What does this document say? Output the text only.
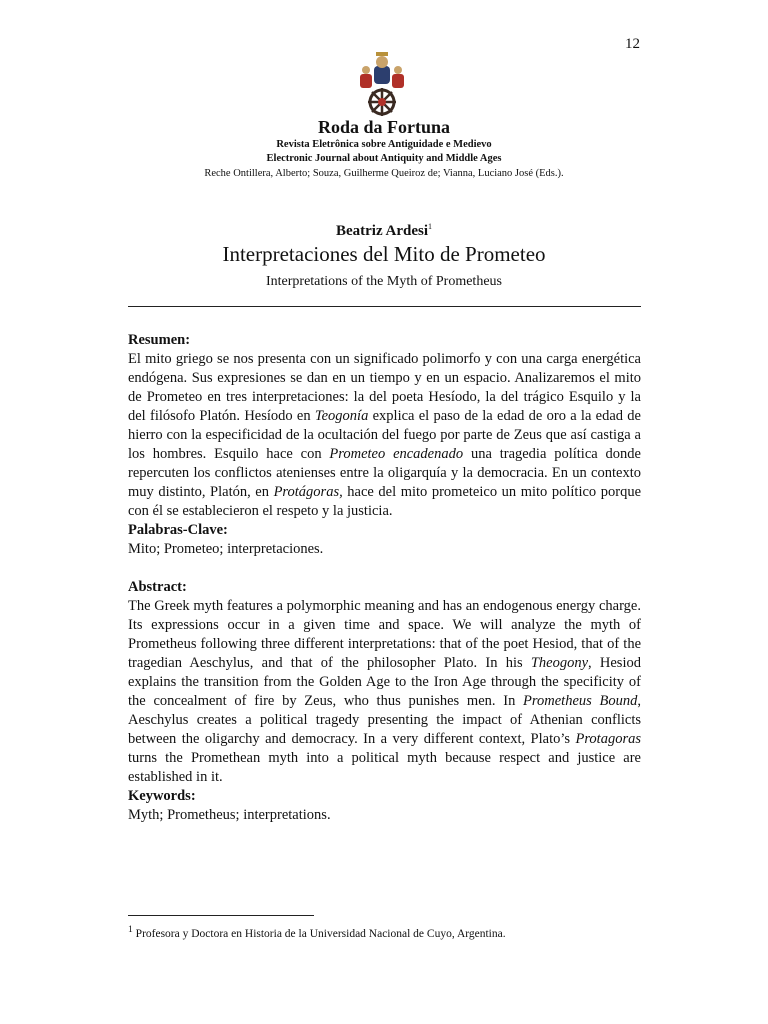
12
Roda da Fortuna
Revista Eletrônica sobre Antiguidade e Medievo
Electronic Journal about Antiquity and Middle Ages
Reche Ontillera, Alberto; Souza, Guilherme Queiroz de; Vianna, Luciano José (Eds.).
Beatriz Ardesi$^1$
Interpretaciones del Mito de Prometeo
Interpretations of the Myth of Prometheus
Resumen:
El mito griego se nos presenta con un significado polimorfo y con una carga energética endógena. Sus expresiones se dan en un tiempo y en un espacio. Analizaremos el mito de Prometeo en tres interpretaciones: la del poeta Hesíodo, la del trágico Esquilo y la del filósofo Platón. Hesíodo en Teogonía explica el paso de la edad de oro a la edad de hierro con la especificidad de la ocultación del fuego por parte de Zeus que así castiga a los hombres. Esquilo hace con Prometeo encadenado una tragedia política donde repercuten los conflictos atenienses entre la oligarquía y la democracia. En un contexto muy distinto, Platón, en Protágoras, hace del mito prometeico un mito político porque con él se establecieron el respeto y la justicia.
Palabras-Clave:
Mito; Prometeo; interpretaciones.
Abstract:
The Greek myth features a polymorphic meaning and has an endogenous energy charge. Its expressions occur in a given time and space. We will analyze the myth of Prometheus following three different interpretations: that of the poet Hesiod, that of the tragedian Aeschylus, and that of the philosopher Plato. In his Theogony, Hesiod explains the transition from the Golden Age to the Iron Age through the specificity of the concealment of fire by Zeus, who thus punishes men. In Prometheus Bound, Aeschylus creates a political tragedy presenting the impact of Athenian conflicts between the oligarchy and democracy. In a very different context, Plato’s Protagoras turns the Promethean myth into a political myth because respect and justice are established in it.
Keywords:
Myth; Prometheus; interpretations.
$^1$ Profesora y Doctora en Historia de la Universidad Nacional de Cuyo, Argentina.
